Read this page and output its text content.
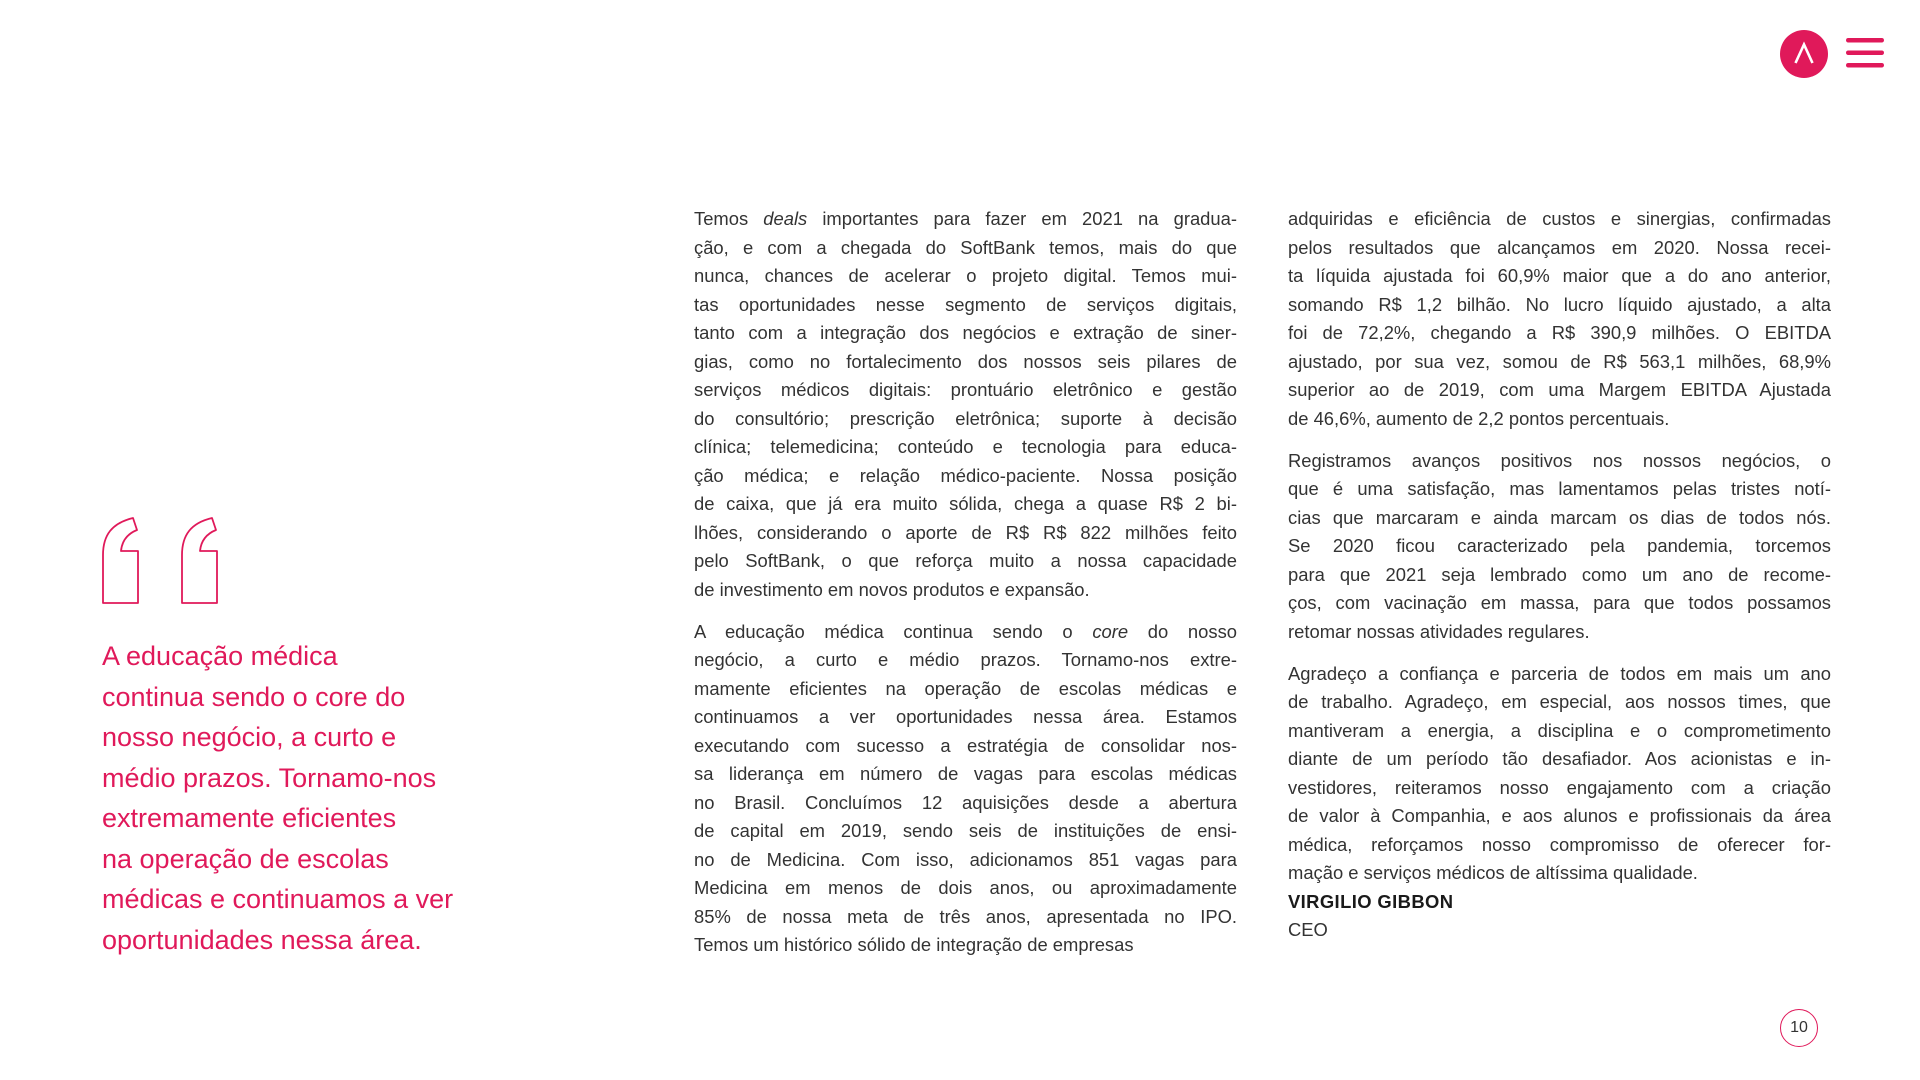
A educação médica
continua sendo o core do
nosso negócio, a curto e
médio prazos. Tornamo-nos
extremamente eficientes
na operação de escolas
médicas e continuamos a ver
oportunidades nessa área.

Temos deals importantes para fazer em 2021 na gradua-
ção, e com a chegada do SoftBank temos, mais do que
nunca, chances de acelerar o projeto digital. Temos mui-
tas oportunidades nesse segmento de serviços digitais,
tanto com a integração dos negócios e extração de siner-
gias, como no fortalecimento dos nossos seis pilares de
serviços médicos digitais: prontuário eletrônico e gestão
do consultório; prescrição eletrônica; suporte à decisão
clínica; telemedicina; conteúdo e tecnologia para educa-
ção médica; e relação médico-paciente. Nossa posição
de caixa, que já era muito sólida, chega a quase R$ 2 bi-
lhões, considerando o aporte de R$ R$ 822 milhões feito
pelo SoftBank, o que reforça muito a nossa capacidade
de investimento em novos produtos e expansão.

A educação médica continua sendo o core do nosso
negócio, a curto e médio prazos. Tornamo-nos extre-
mamente eficientes na operação de escolas médicas e
continuamos a ver oportunidades nessa área. Estamos
executando com sucesso a estratégia de consolidar nos-
sa liderança em número de vagas para escolas médicas
no Brasil. Concluímos 12 aquisições desde a abertura
de capital em 2019, sendo seis de instituições de ensi-
no de Medicina. Com isso, adicionamos 851 vagas para
Medicina em menos de dois anos, ou aproximadamente
85% de nossa meta de três anos, apresentada no IPO.
Temos um histórico sólido de integração de empresas

adquiridas e eficiência de custos e sinergias, confirmadas
pelos resultados que alcançamos em 2020. Nossa recei-
ta líquida ajustada foi 60,9% maior que a do ano anterior,
somando R$ 1,2 bilhão. No lucro líquido ajustado, a alta
foi de 72,2%, chegando a R$ 390,9 milhões. O EBITDA
ajustado, por sua vez, somou de R$ 563,1 milhões, 68,9%
superior ao de 2019, com uma Margem EBITDA Ajustada
de 46,6%, aumento de 2,2 pontos percentuais.

Registramos avanços positivos nos nossos negócios, o
que é uma satisfação, mas lamentamos pelas tristes notí-
cias que marcaram e ainda marcam os dias de todos nós.
Se 2020 ficou caracterizado pela pandemia, torcemos
para que 2021 seja lembrado como um ano de recome-
ços, com vacinação em massa, para que todos possamos
retomar nossas atividades regulares.

Agradeço a confiança e parceria de todos em mais um ano
de trabalho. Agradeço, em especial, aos nossos times, que
mantiveram a energia, a disciplina e o comprometimento
diante de um período tão desafiador. Aos acionistas e in-
vestidores, reiteramos nosso engajamento com a criação
de valor à Companhia, e aos alunos e profissionais da área
médica, reforçamos nosso compromisso de oferecer for-
mação e serviços médicos de altíssima qualidade.

VIRGILIO GIBBON
CEO
10
